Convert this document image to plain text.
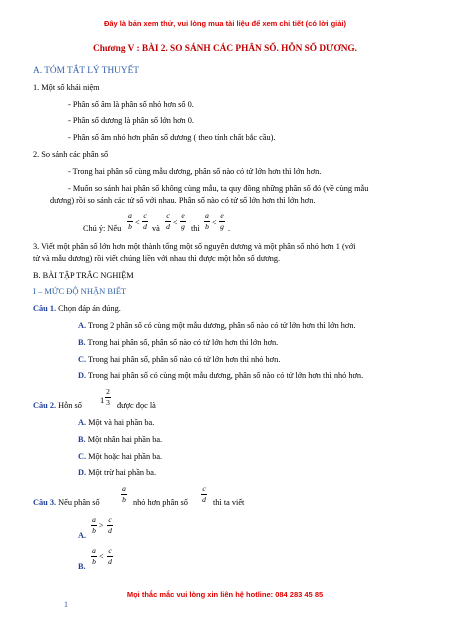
Đây là bản xem thử, vui lòng mua tài liệu để xem chi tiết (có lời giải)
Chương V : BÀI 2. SO SÁNH CÁC PHÂN SỐ. HỖN SỐ DƯƠNG.
A. TÓM TẮT LÝ THUYẾT
1. Một số khái niệm
- Phân số âm là phân số nhỏ hơn số 0.
- Phân số dương là phân số lớn hơn 0.
- Phân số âm nhỏ hơn phân số dương ( theo tính chất bắc cầu).
2. So sánh các phân số
- Trong hai phân số cùng mẫu dương, phân số nào có tử lớn hơn thì lớn hơn.
- Muốn so sánh hai phân số không cùng mẫu, ta quy đồng những phân số đó (về cùng mẫu
dương) rồi so sánh các tử số với nhau. Phân số nào có tử số lớn hơn thì lớn hơn.
Chú ý: Nếu
a
b <
c
d và
c
d <
e
g thì
a
b <
e
g .
3. Viết một phân số lớn hơn một thành tổng một số nguyên dương và một phân số nhỏ hơn 1 (với
tử và mẫu dương) rồi viết chúng liền với nhau thì được một hỗn số dương.
B. BÀI TẬP TRẮC NGHIỆM
I – MỨC ĐỘ NHẬN BIẾT
Câu 1. Chọn đáp án đúng.
A. Trong 2 phân số có cùng một mẫu dương, phân số nào có tử lớn hơn thì lớn hơn.
B. Trong hai phân số, phân số nào có tử lớn hơn thì lớn hơn.
C. Trong hai phân số, phân số nào có tử lớn hơn thì nhỏ hơn.
D. Trong hai phân số có cùng một mẫu dương, phân số nào có tử lớn hơn thì nhỏ hơn.
Câu 2. Hỗn số
1
2
3 được đọc là
A. Một và hai phần ba.
B. Một nhân hai phần ba.
C. Một hoặc hai phần ba.
D. Một trừ hai phần ba.
Câu 3. Nếu phân số
a
b nhỏ hơn phân số
c
d thì ta viết
A.
a
b >
c
d
B.
a
b <
c
d
Mọi thắc mắc vui lòng xin liên hệ hotline: 084 283 45 85
1
